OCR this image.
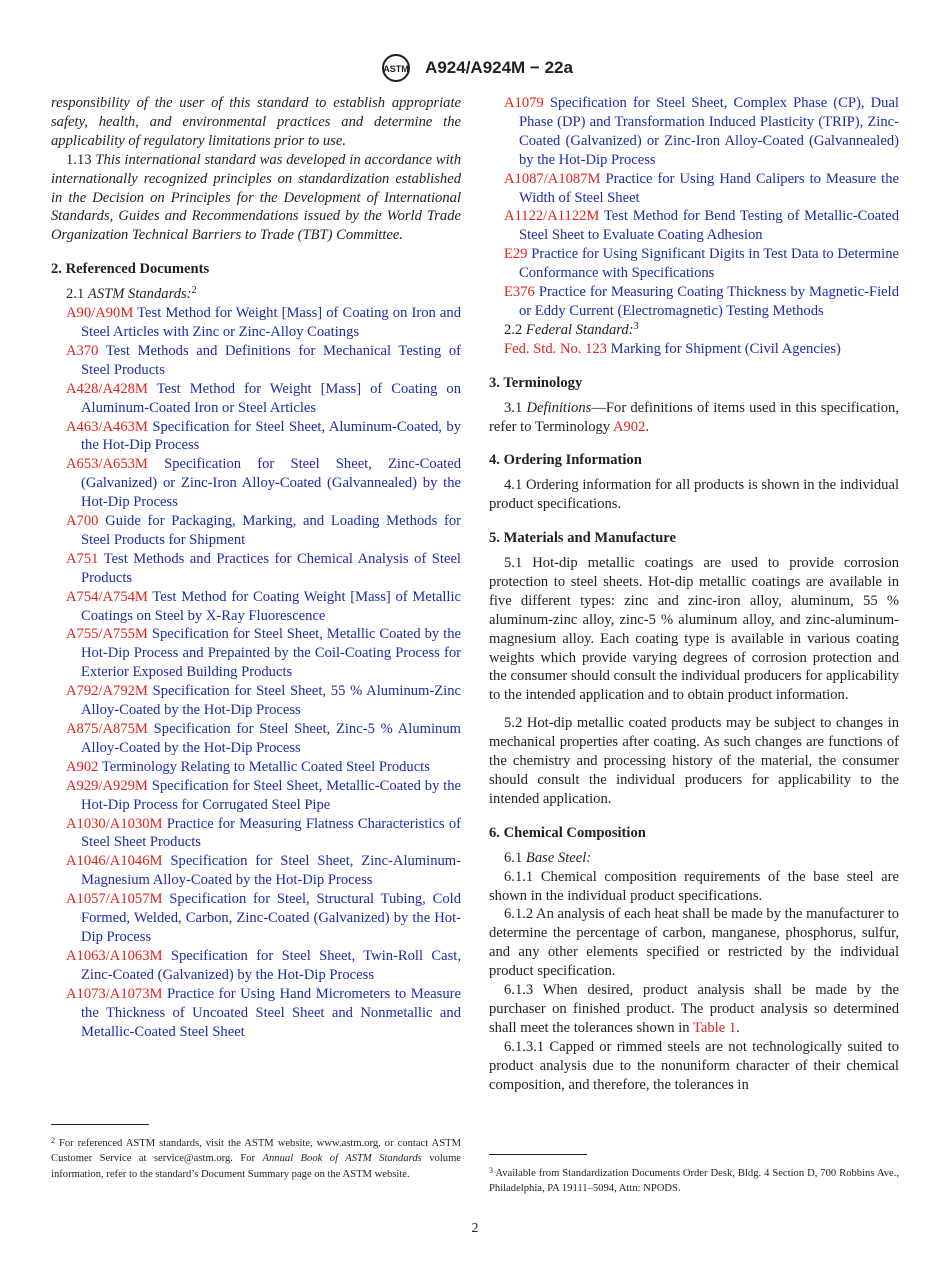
ASTM A924/A924M − 22a

responsibility of the user of this standard to establish appropriate safety, health, and environmental practices and determine the applicability of regulatory limitations prior to use.

1.13 This international standard was developed in accordance with internationally recognized principles on standardization established in the Decision on Principles for the Development of International Standards, Guides and Recommendations issued by the World Trade Organization Technical Barriers to Trade (TBT) Committee.

2. Referenced Documents

2.1 ASTM Standards:$^2$

A90/A90M Test Method for Weight [Mass] of Coating on Iron and Steel Articles with Zinc or Zinc-Alloy Coatings

A370 Test Methods and Definitions for Mechanical Testing of Steel Products

A428/A428M Test Method for Weight [Mass] of Coating on Aluminum-Coated Iron or Steel Articles

A463/A463M Specification for Steel Sheet, Aluminum-Coated, by the Hot-Dip Process

A653/A653M Specification for Steel Sheet, Zinc-Coated (Galvanized) or Zinc-Iron Alloy-Coated (Galvannealed) by the Hot-Dip Process

A700 Guide for Packaging, Marking, and Loading Methods for Steel Products for Shipment

A751 Test Methods and Practices for Chemical Analysis of Steel Products

A754/A754M Test Method for Coating Weight [Mass] of Metallic Coatings on Steel by X-Ray Fluorescence

A755/A755M Specification for Steel Sheet, Metallic Coated by the Hot-Dip Process and Prepainted by the Coil-Coating Process for Exterior Exposed Building Products

A792/A792M Specification for Steel Sheet, 55 % Aluminum-Zinc Alloy-Coated by the Hot-Dip Process

A875/A875M Specification for Steel Sheet, Zinc-5 % Aluminum Alloy-Coated by the Hot-Dip Process

A902 Terminology Relating to Metallic Coated Steel Products

A929/A929M Specification for Steel Sheet, Metallic-Coated by the Hot-Dip Process for Corrugated Steel Pipe

A1030/A1030M Practice for Measuring Flatness Characteristics of Steel Sheet Products

A1046/A1046M Specification for Steel Sheet, Zinc-Aluminum-Magnesium Alloy-Coated by the Hot-Dip Process

A1057/A1057M Specification for Steel, Structural Tubing, Cold Formed, Welded, Carbon, Zinc-Coated (Galvanized) by the Hot-Dip Process

A1063/A1063M Specification for Steel Sheet, Twin-Roll Cast, Zinc-Coated (Galvanized) by the Hot-Dip Process

A1073/A1073M Practice for Using Hand Micrometers to Measure the Thickness of Uncoated Steel Sheet and Nonmetallic and Metallic-Coated Steel Sheet

A1079 Specification for Steel Sheet, Complex Phase (CP), Dual Phase (DP) and Transformation Induced Plasticity (TRIP), Zinc-Coated (Galvanized) or Zinc-Iron Alloy-Coated (Galvannealed) by the Hot-Dip Process

A1087/A1087M Practice for Using Hand Calipers to Measure the Width of Steel Sheet

A1122/A1122M Test Method for Bend Testing of Metallic-Coated Steel Sheet to Evaluate Coating Adhesion

E29 Practice for Using Significant Digits in Test Data to Determine Conformance with Specifications

E376 Practice for Measuring Coating Thickness by Magnetic-Field or Eddy Current (Electromagnetic) Testing Methods

2.2 Federal Standard:$^3$

Fed. Std. No. 123 Marking for Shipment (Civil Agencies)

3. Terminology

3.1 Definitions—For definitions of items used in this specification, refer to Terminology A902.

4. Ordering Information

4.1 Ordering information for all products is shown in the individual product specifications.

5. Materials and Manufacture

5.1 Hot-dip metallic coatings are used to provide corrosion protection to steel sheets. Hot-dip metallic coatings are available in five different types: zinc and zinc-iron alloy, aluminum, 55 % aluminum-zinc alloy, zinc-5 % aluminum alloy, and zinc-aluminum-magnesium alloy. Each coating type is available in various coating weights which provide varying degrees of corrosion protection and the consumer should consult the individual producers for applicability to the intended application and to obtain product information.

5.2 Hot-dip metallic coated products may be subject to changes in mechanical properties after coating. As such changes are functions of the chemistry and processing history of the material, the consumer should consult the individual producers for applicability to the intended application.

6. Chemical Composition

6.1 Base Steel:

6.1.1 Chemical composition requirements of the base steel are shown in the individual product specifications.

6.1.2 An analysis of each heat shall be made by the manufacturer to determine the percentage of carbon, manganese, phosphorus, sulfur, and any other elements specified or restricted by the individual product specification.

6.1.3 When desired, product analysis shall be made by the purchaser on finished product. The product analysis so determined shall meet the tolerances shown in Table 1.

6.1.3.1 Capped or rimmed steels are not technologically suited to product analysis due to the nonuniform character of their chemical composition, and therefore, the tolerances in

$^2$ For referenced ASTM standards, visit the ASTM website, www.astm.org, or contact ASTM Customer Service at service@astm.org. For Annual Book of ASTM Standards volume information, refer to the standard’s Document Summary page on the ASTM website.	$^3$ Available from Standardization Documents Order Desk, Bldg. 4 Section D, 700 Robbins Ave., Philadelphia, PA 19111–5094, Attn: NPODS.
2
